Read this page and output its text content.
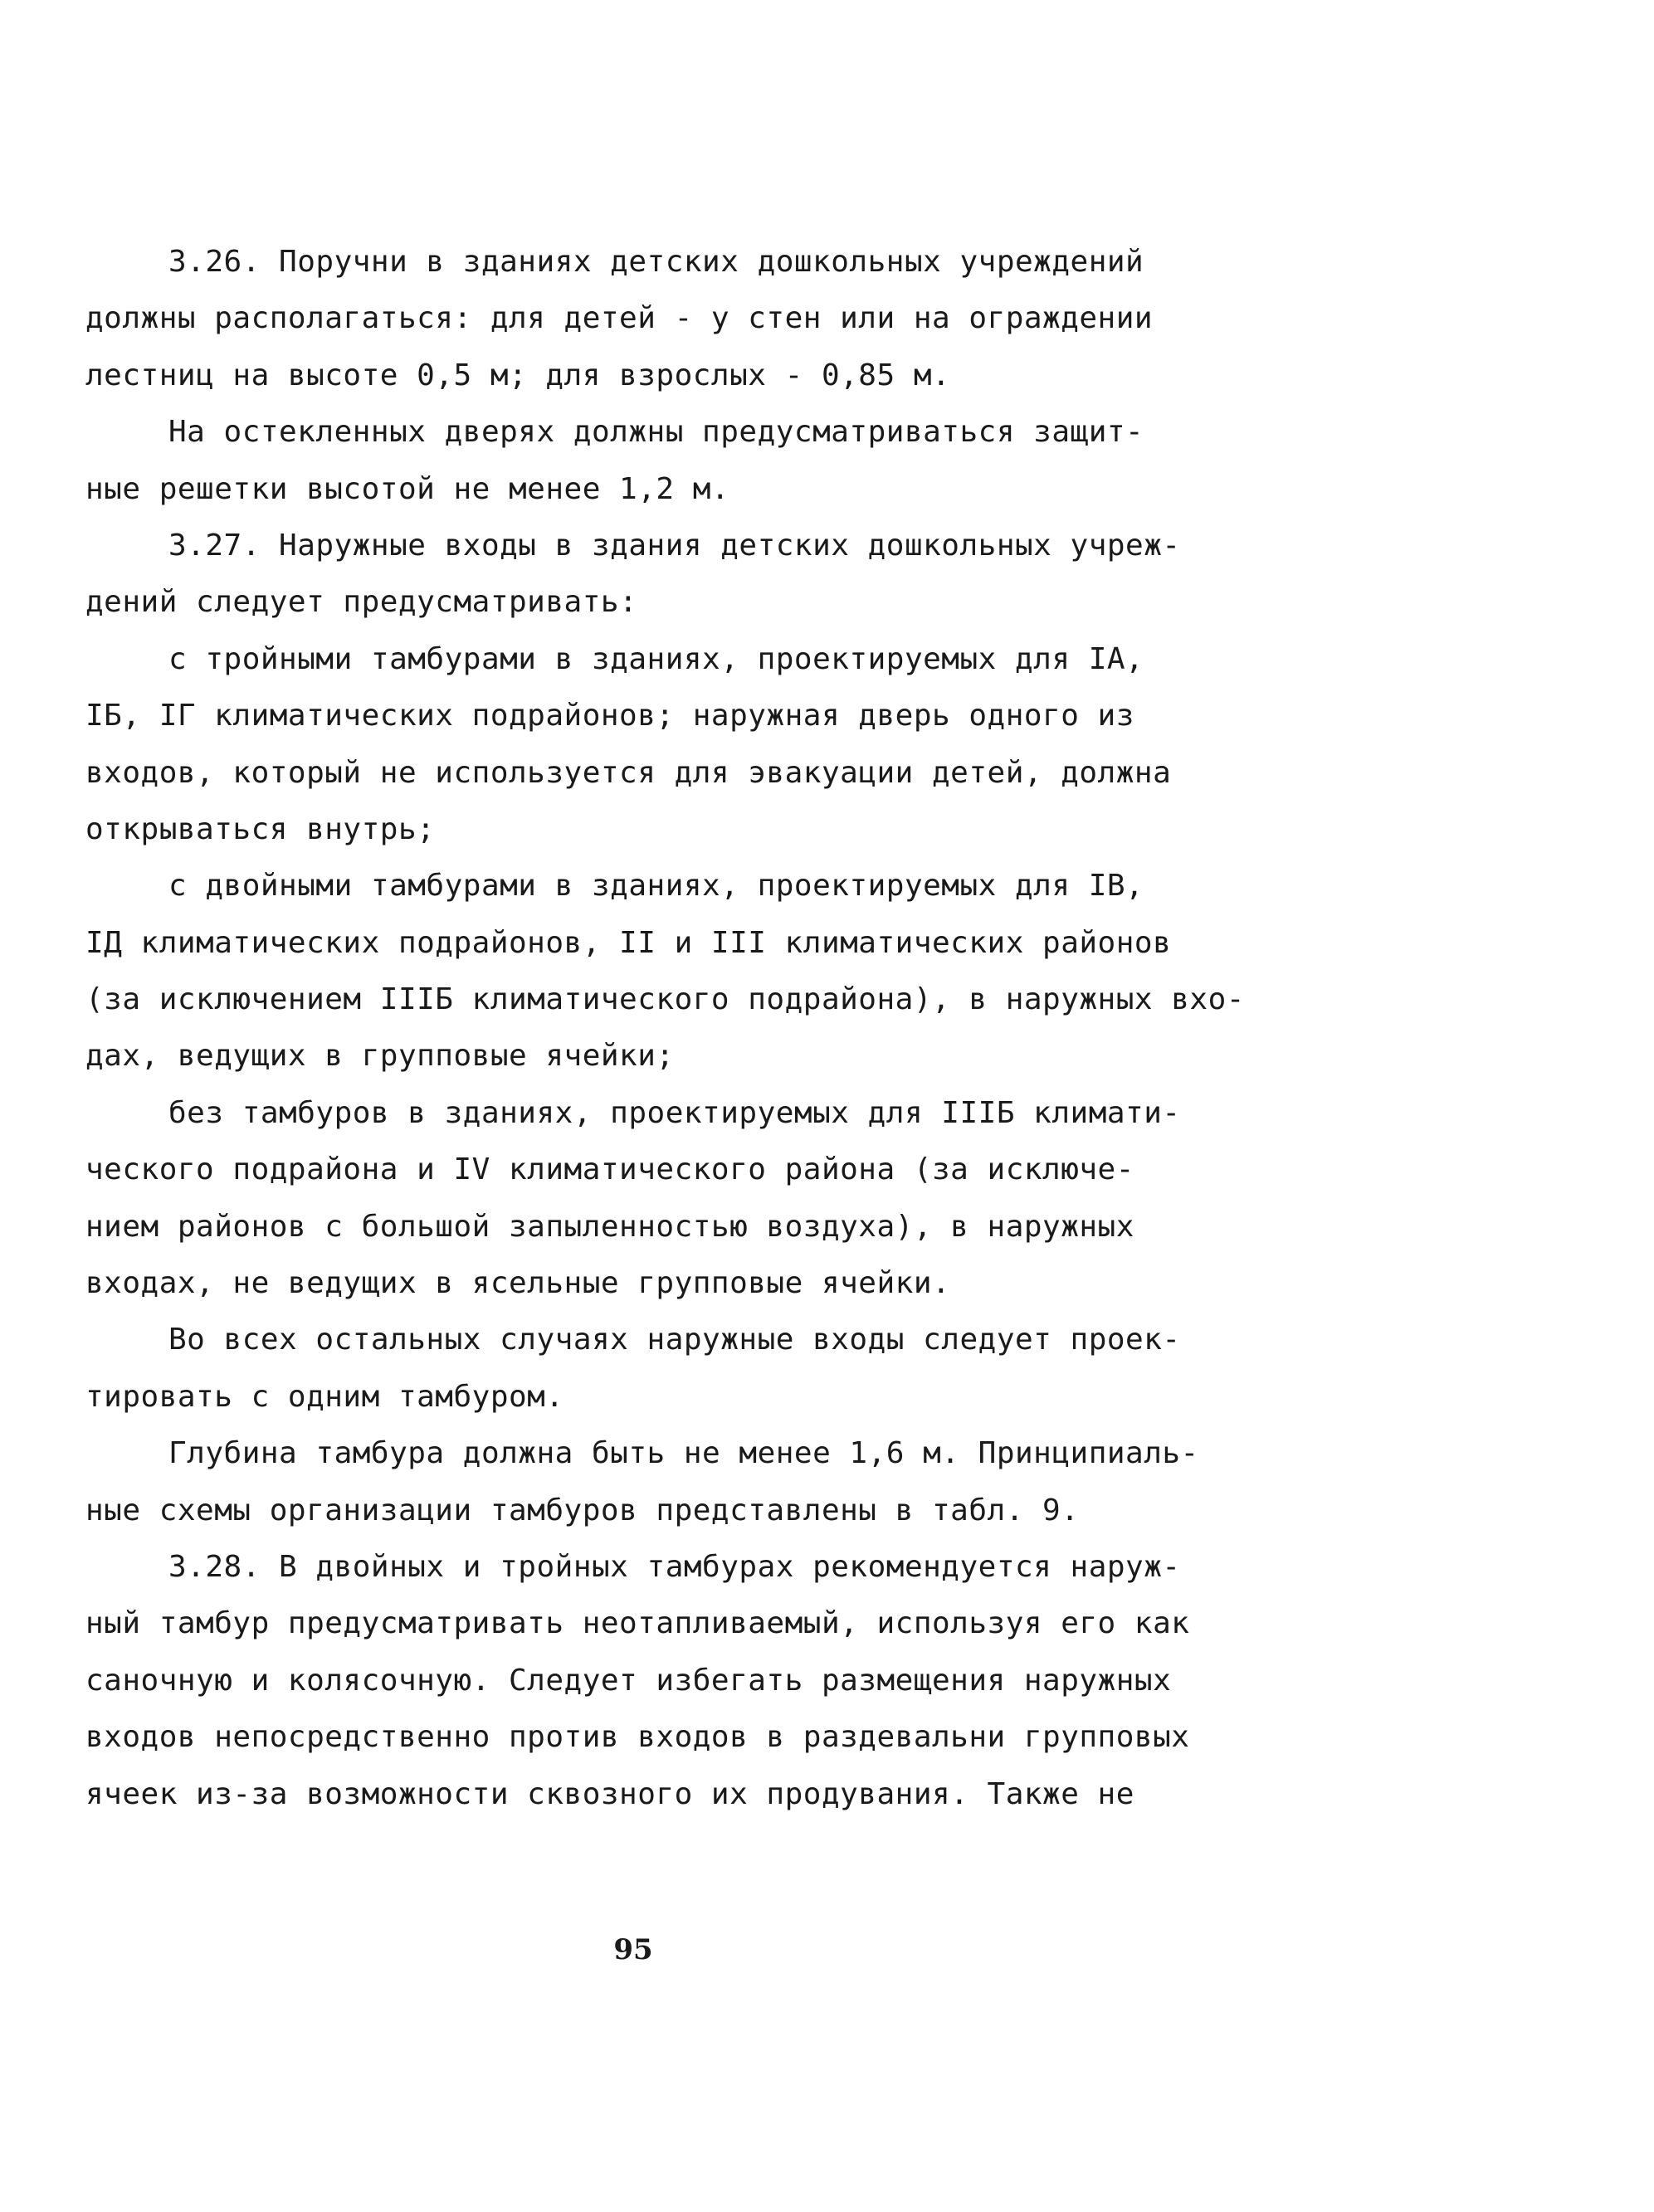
3.26. Поручни в зданиях детских дошкольных учреждений
должны располагаться: для детей - у стен или на ограждении
лестниц на высоте 0,5 м; для взрослых - 0,85 м.
На остекленных дверях должны предусматриваться защит-
ные решетки высотой не менее 1,2 м.
3.27. Наружные входы в здания детских дошкольных учреж-
дений следует предусматривать:
с тройными тамбурами в зданиях, проектируемых для IA,
IБ, IГ климатических подрайонов; наружная дверь одного из
входов, который не используется для эвакуации детей, должна
открываться внутрь;
с двойными тамбурами в зданиях, проектируемых для IB,
IД климатических подрайонов, II и III климатических районов
(за исключением IIIБ климатического подрайона), в наружных вхо-
дах, ведущих в групповые ячейки;
без тамбуров в зданиях, проектируемых для IIIБ климати-
ческого подрайона и IV климатического района (за исключе-
нием районов с большой запыленностью воздуха), в наружных
входах, не ведущих в ясельные групповые ячейки.
Во всех остальных случаях наружные входы следует проек-
тировать с одним тамбуром.
Глубина тамбура должна быть не менее 1,6 м. Принципиаль-
ные схемы организации тамбуров представлены в табл. 9.
3.28. В двойных и тройных тамбурах рекомендуется наруж-
ный тамбур предусматривать неотапливаемый, используя его как
саночную и колясочную. Следует избегать размещения наружных
входов непосредственно против входов в раздевальни групповых
ячеек из-за возможности сквозного их продувания. Также не
95
